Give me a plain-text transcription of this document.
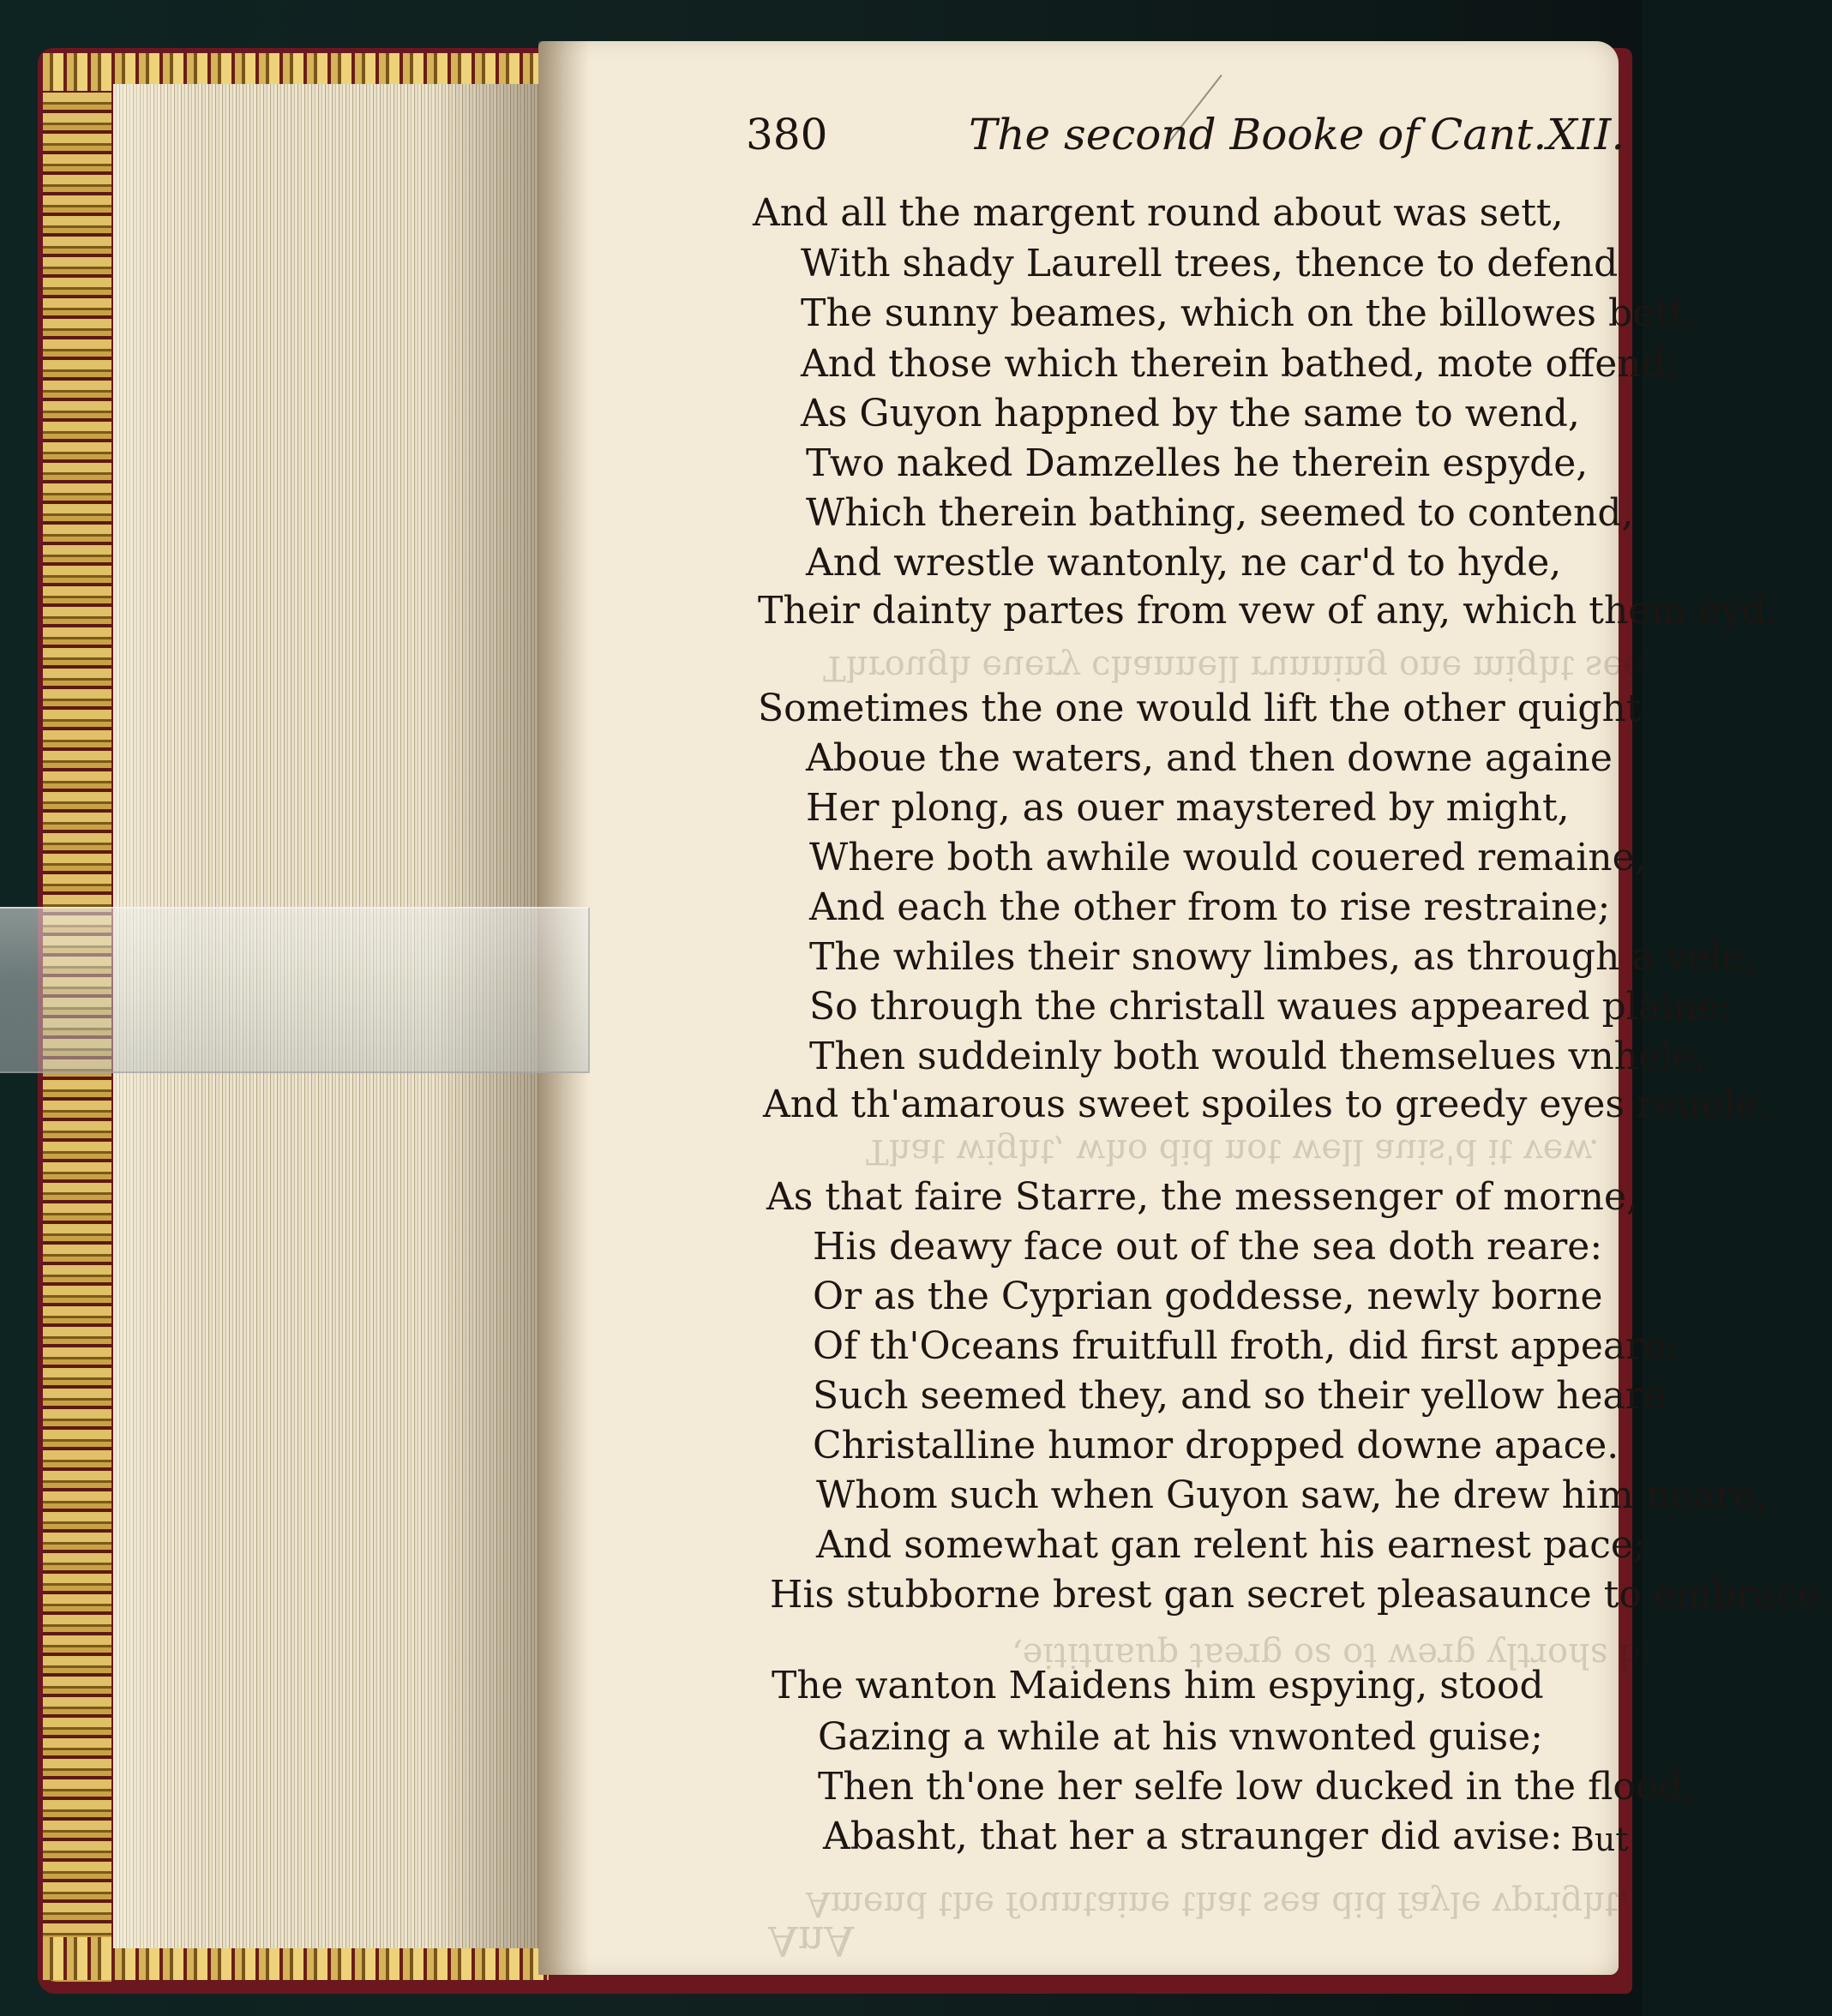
Through euery channell running one might see;
That wight, who did not well auis'd it vew.
And shortly grew to so great quantitie,
Amend the fountaine that sea did fayle vpright.
AnA
380	The second Booke of Cant.XII.
And all the margent round about was sett,
With shady Laurell trees, thence to defend
The sunny beames, which on the billowes bett,
And those which therein bathed, mote offend:
As Guyon happned by the same to wend,
Two naked Damzelles he therein espyde,
Which therein bathing, seemed to contend,
And wrestle wantonly, ne car'd to hyde,
Their dainty partes from vew of any, which them eyd.
Sometimes the one would lift the other quight
Aboue the waters, and then downe againe
Her plong, as ouer maystered by might,
Where both awhile would couered remaine,
And each the other from to rise restraine;
The whiles their snowy limbes, as through a vele,
So through the christall waues appeared plaine:
Then suddeinly both would themselues vnhele,
And th'amarous sweet spoiles to greedy eyes reuele.
As that faire Starre, the messenger of morne,
His deawy face out of the sea doth reare:
Or as the Cyprian goddesse, newly borne
Of th'Oceans fruitfull froth, did first appeare:
Such seemed they, and so their yellow heare
Christalline humor dropped downe apace.
Whom such when Guyon saw, he drew him neare,
And somewhat gan relent his earnest pace;
His stubborne brest gan secret pleasaunce to embrace.
The wanton Maidens him espying, stood
Gazing a while at his vnwonted guise;
Then th'one her selfe low ducked in the flood,
Abasht, that her a straunger did avise: But
